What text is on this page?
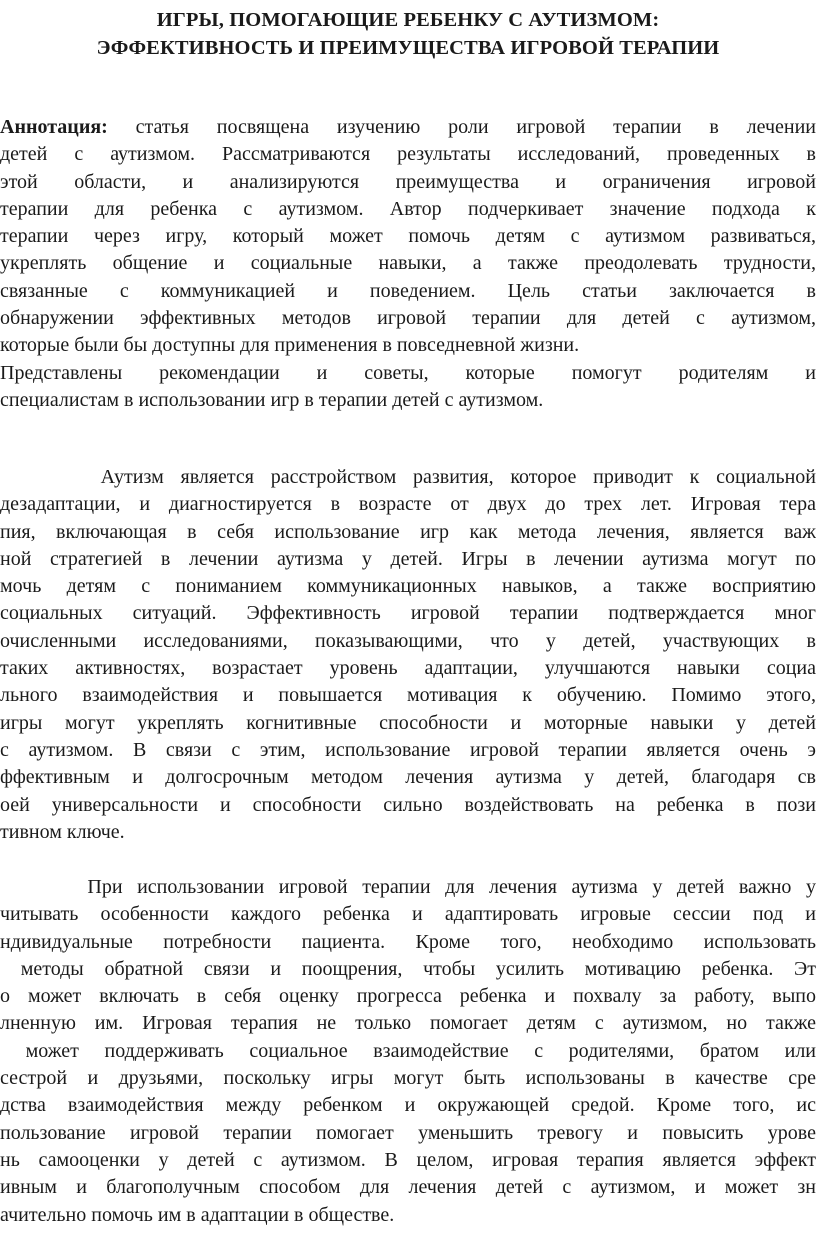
ИГРЫ, ПОМОГАЮЩИЕ РЕБЕНКУ С АУТИЗМОМ:
ЭФФЕКТИВНОСТЬ И ПРЕИМУЩЕСТВА ИГРОВОЙ ТЕРАПИИ
Аннотация: статья посвящена изучению роли игровой терапии в лечении
детей с аутизмом. Рассматриваются результаты исследований, проведенных в
этой области, и анализируются преимущества и ограничения игровой
терапии для ребенка с аутизмом. Автор подчеркивает значение подхода к
терапии через игру, который может помочь детям с аутизмом развиваться,
укреплять общение и социальные навыки, а также преодолевать трудности,
связанные с коммуникацией и поведением. Цель статьи заключается в
обнаружении эффективных методов игровой терапии для детей с аутизмом,
которые были бы доступны для применения в повседневной жизни.
Представлены рекомендации и советы, которые помогут родителям и
специалистам в использовании игр в терапии детей с аутизмом.
Аутизм является расстройством развития, которое приводит к социальной
дезадаптации, и диагностируется в возрасте от двух до трех лет. Игровая тера
пия, включающая в себя использование игр как метода лечения, является важ
ной стратегией в лечении аутизма у детей. Игры в лечении аутизма могут по
мочь детям с пониманием коммуникационных навыков, а также восприятию
социальных ситуаций. Эффективность игровой терапии подтверждается мног
очисленными исследованиями, показывающими, что у детей, участвующих в
таких активностях, возрастает уровень адаптации, улучшаются навыки социа
льного взаимодействия и повышается мотивация к обучению. Помимо этого,
игры могут укреплять когнитивные способности и моторные навыки у детей
с аутизмом. В связи с этим, использование игровой терапии является очень э
ффективным и долгосрочным методом лечения аутизма у детей, благодаря св
оей универсальности и способности сильно воздействовать на ребенка в пози
тивном ключе.
При использовании игровой терапии для лечения аутизма у детей важно у
читывать особенности каждого ребенка и адаптировать игровые сессии под и
ндивидуальные потребности пациента. Кроме того, необходимо использовать
методы обратной связи и поощрения, чтобы усилить мотивацию ребенка. Эт
о может включать в себя оценку прогресса ребенка и похвалу за работу, выпо
лненную им. Игровая терапия не только помогает детям с аутизмом, но также
может поддерживать социальное взаимодействие с родителями, братом или
сестрой и друзьями, поскольку игры могут быть использованы в качестве сре
дства взаимодействия между ребенком и окружающей средой. Кроме того, ис
пользование игровой терапии помогает уменьшить тревогу и повысить урове
нь самооценки у детей с аутизмом. В целом, игровая терапия является эффект
ивным и благополучным способом для лечения детей с аутизмом, и может зн
ачительно помочь им в адаптации в обществе.
